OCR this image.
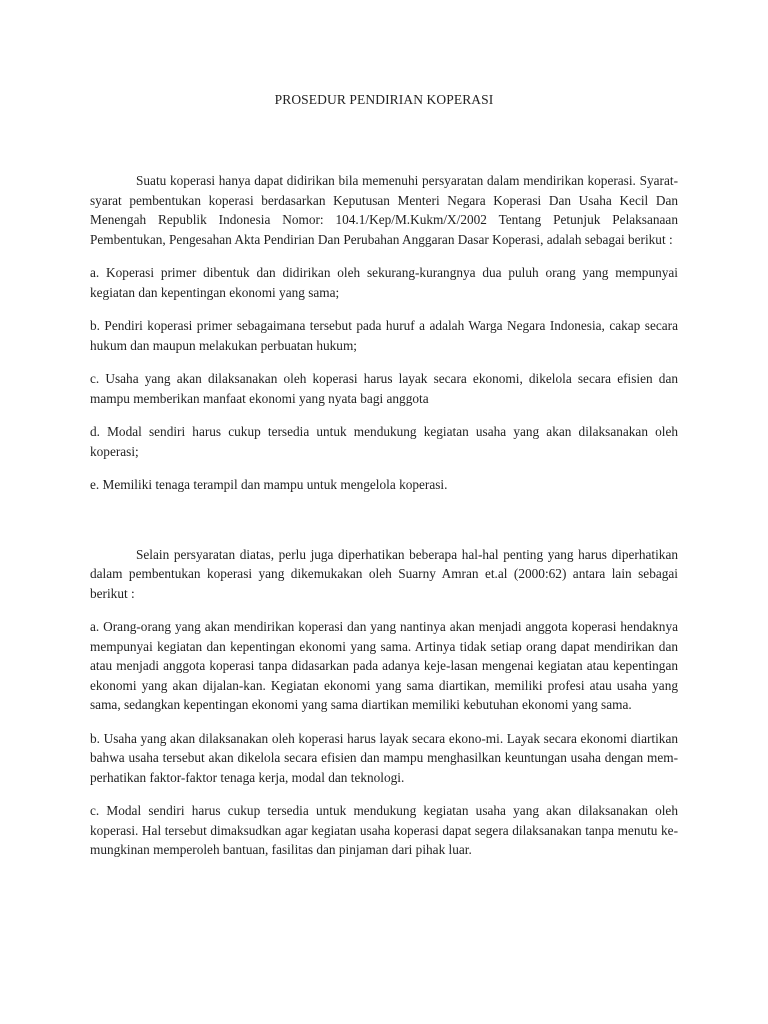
PROSEDUR PENDIRIAN KOPERASI

Suatu koperasi hanya dapat didirikan bila memenuhi persyaratan dalam mendirikan koperasi. Syarat-syarat pembentukan koperasi berdasarkan Keputusan Menteri Negara Koperasi Dan Usaha Kecil Dan Menengah Republik Indonesia Nomor: 104.1/Kep/M.Kukm/X/2002 Tentang Petunjuk Pelaksanaan Pembentukan, Pengesahan Akta Pendirian Dan Perubahan Anggaran Dasar Koperasi, adalah sebagai berikut :

a. Koperasi primer dibentuk dan didirikan oleh sekurang-kurangnya dua puluh orang yang mempunyai kegiatan dan kepentingan ekonomi yang sama;

b. Pendiri koperasi primer sebagaimana tersebut pada huruf a adalah Warga Negara Indonesia, cakap secara hukum dan maupun melakukan perbuatan hukum;

c. Usaha yang akan dilaksanakan oleh koperasi harus layak secara ekonomi, dikelola secara efisien dan mampu memberikan manfaat ekonomi yang nyata bagi anggota

d. Modal sendiri harus cukup tersedia untuk mendukung kegiatan usaha yang akan dilaksanakan oleh koperasi;

e. Memiliki tenaga terampil dan mampu untuk mengelola koperasi.

Selain persyaratan diatas, perlu juga diperhatikan beberapa hal-hal penting yang harus diperhatikan dalam pembentukan koperasi yang dikemukakan oleh Suarny Amran et.al (2000:62) antara lain sebagai berikut :

a. Orang-orang yang akan mendirikan koperasi dan yang nantinya akan menjadi anggota koperasi hendaknya mempunyai kegiatan dan kepentingan ekonomi yang sama. Artinya tidak setiap orang dapat mendirikan dan atau menjadi anggota koperasi tanpa didasarkan pada adanya keje-lasan mengenai kegiatan atau kepentingan ekonomi yang akan dijalan-kan. Kegiatan ekonomi yang sama diartikan, memiliki profesi atau usaha yang sama, sedangkan kepentingan ekonomi yang sama diartikan memiliki kebutuhan ekonomi yang sama.

b. Usaha yang akan dilaksanakan oleh koperasi harus layak secara ekono-mi. Layak secara ekonomi diartikan bahwa usaha tersebut akan dikelola secara efisien dan mampu menghasilkan keuntungan usaha dengan mem-perhatikan faktor-faktor tenaga kerja, modal dan teknologi.

c. Modal sendiri harus cukup tersedia untuk mendukung kegiatan usaha yang akan dilaksanakan oleh koperasi. Hal tersebut dimaksudkan agar kegiatan usaha koperasi dapat segera dilaksanakan tanpa menutu ke-mungkinan memperoleh bantuan, fasilitas dan pinjaman dari pihak luar.
